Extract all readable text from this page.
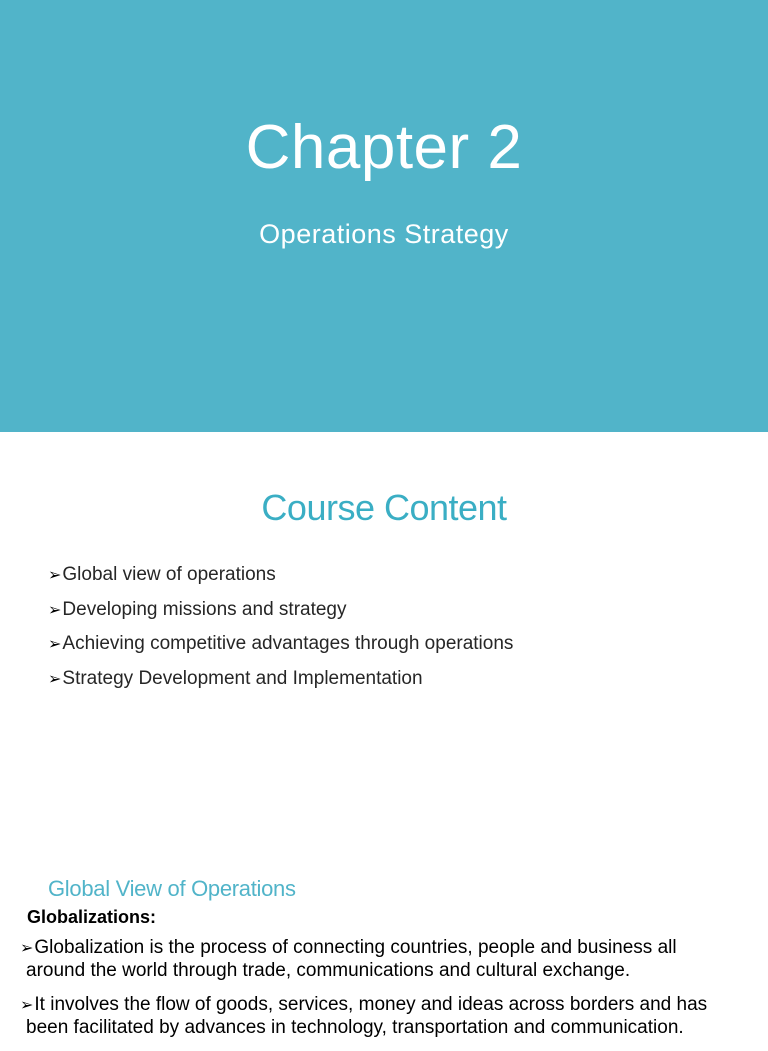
Chapter 2
Operations Strategy
Course Content
➢Global view of operations
➢Developing missions and strategy
➢Achieving competitive advantages through operations
➢Strategy Development and Implementation
Global View of Operations
Globalizations:
➢Globalization is the process of connecting countries, people and business all
around the world through trade, communications and cultural exchange.
➢It involves the flow of goods, services, money and ideas across borders and has
been facilitated by advances in technology, transportation and communication.
